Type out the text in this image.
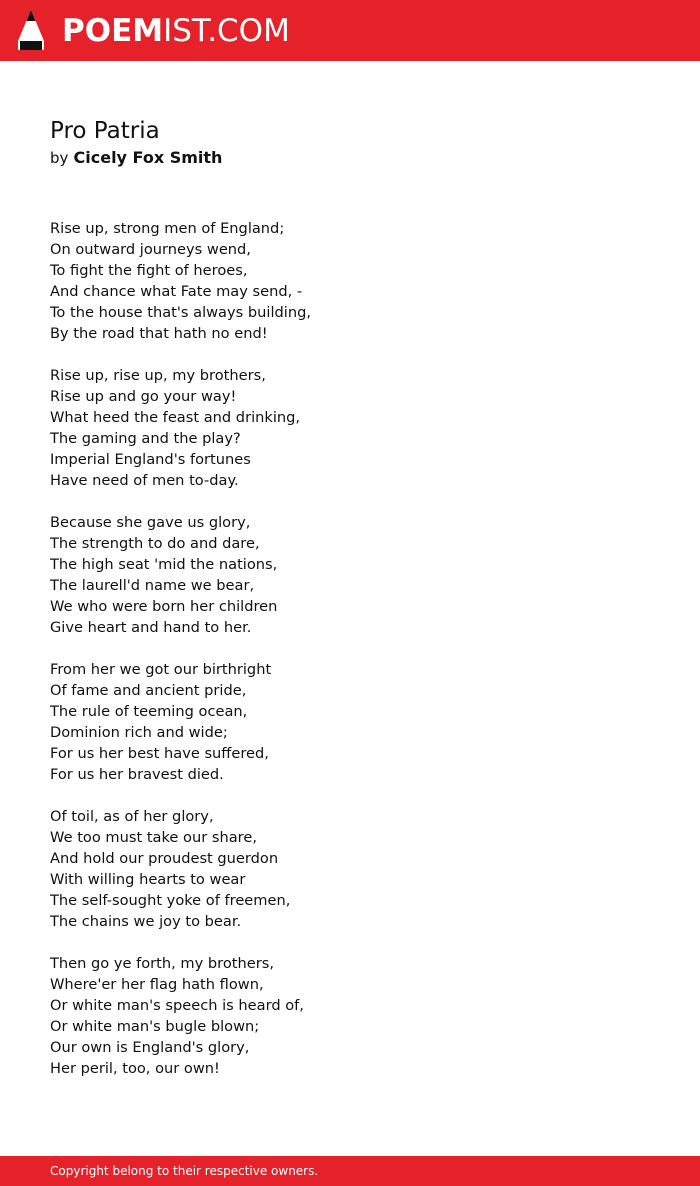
POEMIST.COM
Pro Patria

by Cicely Fox Smith

Rise up, strong men of England;
On outward journeys wend,
To fight the fight of heroes,
And chance what Fate may send, -
To the house that's always building,
By the road that hath no end!

Rise up, rise up, my brothers,
Rise up and go your way!
What heed the feast and drinking,
The gaming and the play?
Imperial England's fortunes
Have need of men to-day.

Because she gave us glory,
The strength to do and dare,
The high seat 'mid the nations,
The laurell'd name we bear,
We who were born her children
Give heart and hand to her.

From her we got our birthright
Of fame and ancient pride,
The rule of teeming ocean,
Dominion rich and wide;
For us her best have suffered,
For us her bravest died.

Of toil, as of her glory,
We too must take our share,
And hold our proudest guerdon
With willing hearts to wear
The self-sought yoke of freemen,
The chains we joy to bear.

Then go ye forth, my brothers,
Where'er her flag hath flown,
Or white man's speech is heard of,
Or white man's bugle blown;
Our own is England's glory,
Her peril, too, our own!

Copyright belong to their respective owners.
